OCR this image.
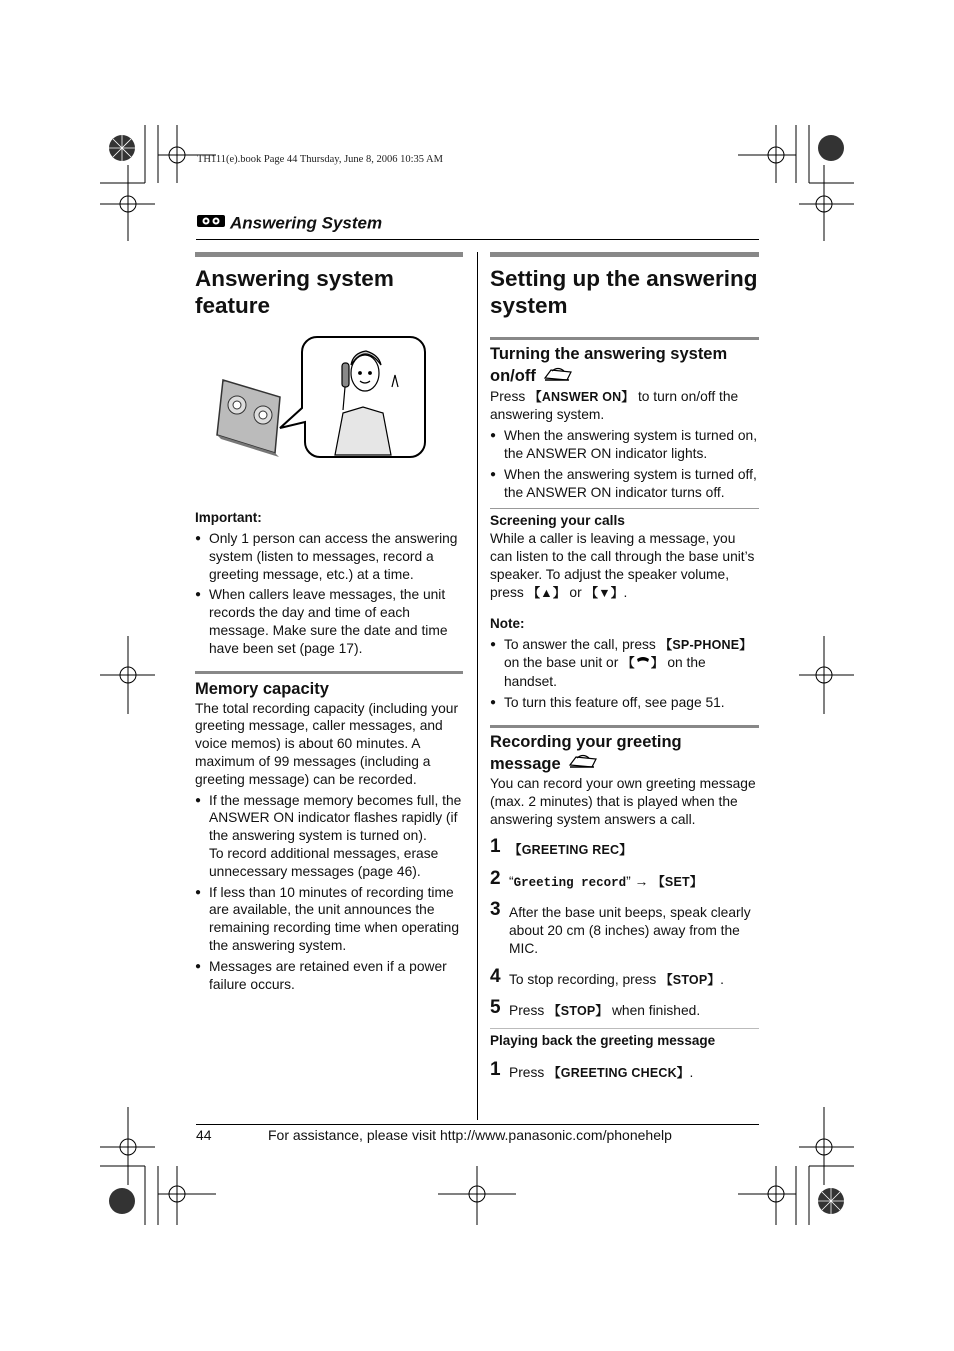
TH111(e).book Page 44 Thursday, June 8, 2006 10:35 AM
Answering System
Answering system
feature
Important:
● Only 1 person can access the answering system (listen to messages, record a greeting message, etc.) at a time.
● When callers leave messages, the unit records the day and time of each message. Make sure the date and time have been set (page 17).
Memory capacity

The total recording capacity (including your greeting message, caller messages, and voice memos) is about 60 minutes. A maximum of 99 messages (including a greeting message) can be recorded.

● If the message memory becomes full, the ANSWER ON indicator flashes rapidly (if the answering system is turned on).
To record additional messages, erase unnecessary messages (page 46).
● If less than 10 minutes of recording time are available, the unit announces the remaining recording time when operating the answering system.
● Messages are retained even if a power failure occurs.
Setting up the answering
system
Turning the answering system
on/off

Press 【ANSWER ON】 to turn on/off the answering system.

● When the answering system is turned on, the ANSWER ON indicator lights.
● When the answering system is turned off, the ANSWER ON indicator turns off.
Screening your calls

While a caller is leaving a message, you can listen to the call through the base unit’s speaker. To adjust the speaker volume, press 【▲】 or 【▼】.

Note:
● To answer the call, press 【SP-PHONE】 on the base unit or 【 】 on the handset.
● To turn this feature off, see page 51.
Recording your greeting
message

You can record your own greeting message (max. 2 minutes) that is played when the answering system answers a call.

1 【GREETING REC】
2 “Greeting record” → 【SET】
3 After the base unit beeps, speak clearly about 20 cm (8 inches) away from the MIC.
4 To stop recording, press 【STOP】.
5 Press 【STOP】 when finished.
Playing back the greeting message
1 Press 【GREETING CHECK】.
44	For assistance, please visit http://www.panasonic.com/phonehelp
